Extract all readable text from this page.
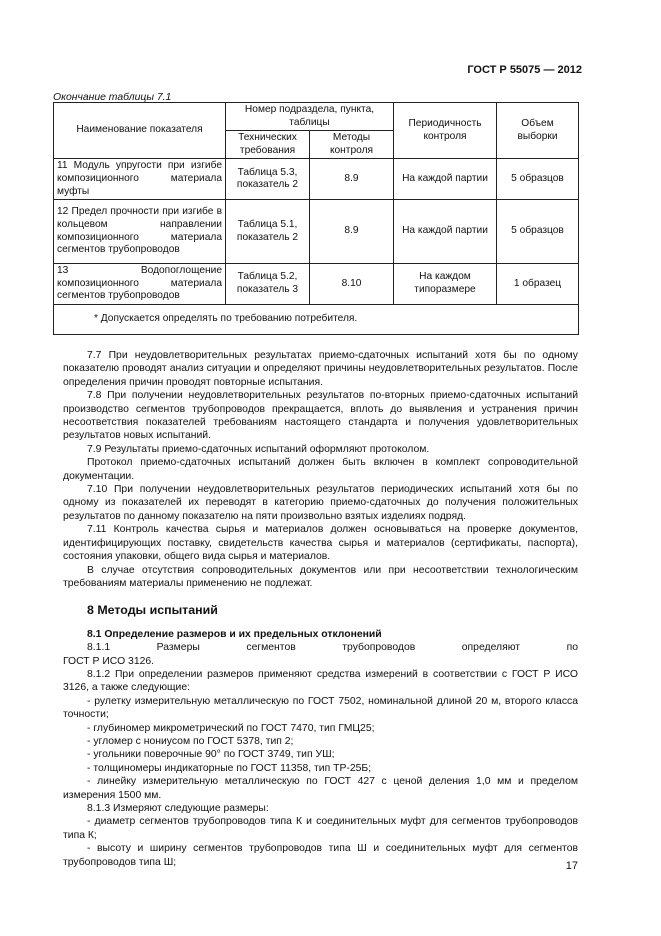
ГОСТ Р 55075 — 2012
Окончание таблицы 7.1
Наименование показателя	Номер подраздела, пункта, таблицы		Периодичность контроля	Объем выборки
	Технических требования	Методы контроля		
11 Модуль упругости при изгибе композиционного материала муфты	Таблица 5.3, показатель 2	8.9	На каждой партии	5 образцов
12 Предел прочности при изгибе в кольцевом направлении композиционного материала сегментов трубопроводов	Таблица 5.1, показатель 2	8.9	На каждой партии	5 образцов
13 Водопоглощение композиционного материала сегментов трубопроводов	Таблица 5.2, показатель 3	8.10	На каждом типоразмере	1 образец
* Допускается определять по требованию потребителя.				

7.7 При неудовлетворительных результатах приемо-сдаточных испытаний хотя бы по одному показателю проводят анализ ситуации и определяют причины неудовлетворительных результатов. После определения причин проводят повторные испытания.

7.8 При получении неудовлетворительных результатов по-вторных приемо-сдаточных испытаний производство сегментов трубопроводов прекращается, вплоть до выявления и устранения причин несоответствия показателей требованиям настоящего стандарта и получения удовлетворительных результатов новых испытаний.

7.9 Результаты приемо-сдаточных испытаний оформляют протоколом.

Протокол приемо-сдаточных испытаний должен быть включен в комплект сопроводительной документации.

7.10 При получении неудовлетворительных результатов периодических испытаний хотя бы по одному из показателей их переводят в категорию приемо-сдаточных до получения положительных результатов по данному показателю на пяти произвольно взятых изделиях подряд.

7.11 Контроль качества сырья и материалов должен основываться на проверке документов, идентифицирующих поставку, свидетельств качества сырья и материалов (сертификаты, паспорта), состояния упаковки, общего вида сырья и материалов.

В случае отсутствия сопроводительных документов или при несоответствии технологическим требованиям материалы применению не подлежат.

8 Методы испытаний
8.1 Определение размеров и их предельных отклонений
8.1.1	Размеры	сегментов	трубопроводов	определяют	по
ГОСТ Р ИСО 3126.

8.1.2 При определении размеров применяют средства измерений в соответствии с ГОСТ Р ИСО 3126, а также следующие:

- рулетку измерительную металлическую по ГОСТ 7502, номинальной длиной 20 м, второго класса точности;

- глубиномер микрометрический по ГОСТ 7470, тип ГМЦ25;

- угломер с нониусом по ГОСТ 5378, тип 2;

- угольники поверочные 90° по ГОСТ 3749, тип УШ;

- толщиномеры индикаторные по ГОСТ 11358, тип ТР-25Б;

- линейку измерительную металлическую по ГОСТ 427 с ценой деления 1,0 мм и пределом измерения 1500 мм.

8.1.3 Измеряют следующие размеры:

- диаметр сегментов трубопроводов типа К и соединительных муфт для сегментов трубопроводов типа К;

- высоту и ширину сегментов трубопроводов типа Ш и соединительных муфт для сегментов трубопроводов типа Ш;	17
